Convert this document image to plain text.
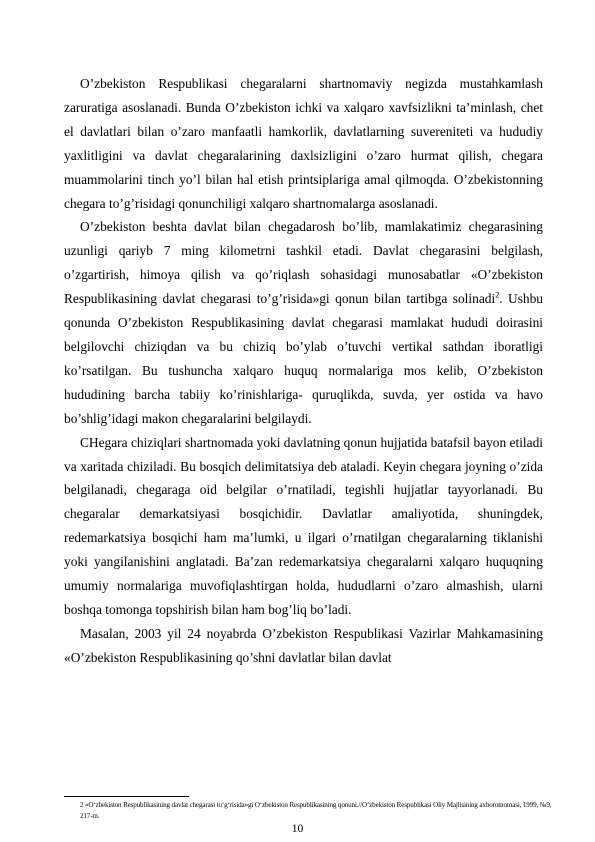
O’zbekiston Respublikasi chegaralarni shartnomaviy negizda mustahkamlash zaruratiga asoslanadi. Bunda O’zbekiston ichki va xalqaro xavfsizlikni ta’minlash, chet el davlatlari bilan o’zaro manfaatli hamkorlik, davlatlarning suvereniteti va hududiy yaxlitligini va davlat chegaralarining daxlsizligini o’zaro hurmat qilish, chegara muammolarini tinch yo’l bilan hal etish printsiplariga amal qilmoqda. O’zbekistonning chegara to’g’risidagi qonunchiligi xalqaro shartnomalarga asoslanadi.

O’zbekiston beshta davlat bilan chegadarosh bo’lib, mamlakatimiz chegarasining uzunligi qariyb 7 ming kilometrni tashkil etadi. Davlat chegarasini belgilash, o’zgartirish, himoya qilish va qo’riqlash sohasidagi munosabatlar «O’zbekiston Respublikasining davlat chegarasi to’g’risida»gi qonun bilan tartibga solinadi$^2$. Ushbu qonunda O’zbekiston Respublikasining davlat chegarasi mamlakat hududi doirasini belgilovchi chiziqdan va bu chiziq bo’ylab o’tuvchi vertikal sathdan iboratligi ko’rsatilgan. Bu tushuncha xalqaro huquq normalariga mos kelib, O’zbekiston hududining barcha tabiiy ko’rinishlariga- quruqlikda, suvda, yer ostida va havo bo’shlig’idagi makon chegaralarini belgilaydi.

CHegara chiziqlari shartnomada yoki davlatning qonun hujjatida batafsil bayon etiladi va xaritada chiziladi. Bu bosqich delimitatsiya deb ataladi. Keyin chegara joyning o’zida belgilanadi, chegaraga oid belgilar o’rnatiladi, tegishli hujjatlar tayyorlanadi. Bu chegaralar demarkatsiyasi bosqichidir. Davlatlar amaliyotida, shuningdek, redemarkatsiya bosqichi ham ma’lumki, u ilgari o’rnatilgan chegaralarning tiklanishi yoki yangilanishini anglatadi. Ba’zan redemarkatsiya chegaralarni xalqaro huquqning umumiy normalariga muvofiqlashtirgan holda, hududlarni o’zaro almashish, ularni boshqa tomonga topshirish bilan ham bog’liq bo’ladi.

Masalan, 2003 yil 24 noyabrda O’zbekiston Respublikasi Vazirlar Mahkamasining «O’zbekiston Respublikasining qo’shni davlatlar bilan davlat

2 «O‘zbekiston Respublikasining davlat chegarasi to‘g‘risida»gi O‘zbekiston Respublikasining qonuni.//O‘zbekiston Respublikasi Oliy Majlisining axborotnomasi, 1999, №9, 217-m.
10
